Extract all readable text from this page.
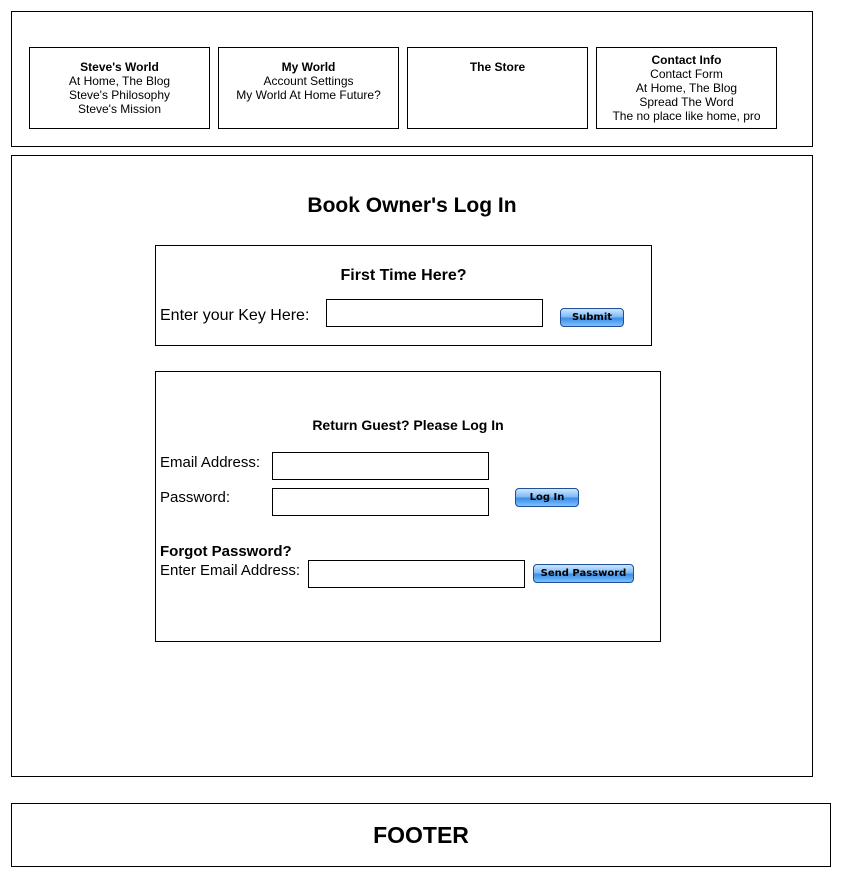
Steve's World
At Home, The Blog
Steve's Philosophy
Steve's Mission
My World
Account Settings
My World At Home Future?
The Store	Contact Info
Contact Form
At Home, The Blog
Spread The Word
The no place like home, pro
Book Owner's Log In
First Time Here?
Enter your Key Here:	Submit
Return Guest? Please Log In
Email Address:
Password:	Log In
Forgot Password?
Enter Email Address:	Send Password
FOOTER
